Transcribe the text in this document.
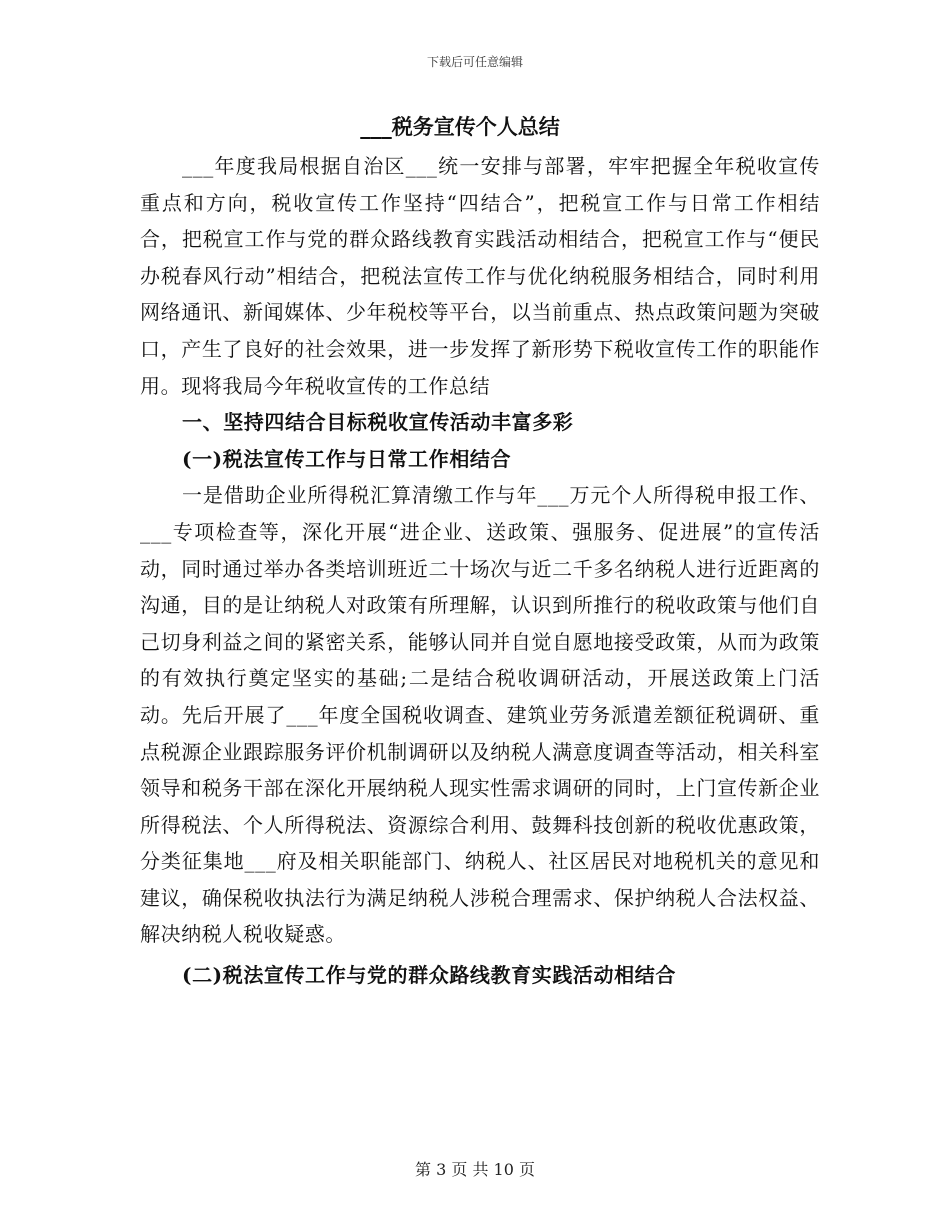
下载后可任意编辑
___税务宣传个人总结

___年度我局根据自治区___统一安排与部署，牢牢把握全年税收宣传重点和方向，税收宣传工作坚持“四结合”，把税宣工作与日常工作相结合，把税宣工作与党的群众路线教育实践活动相结合，把税宣工作与“便民办税春风行动”相结合，把税法宣传工作与优化纳税服务相结合，同时利用网络通讯、新闻媒体、少年税校等平台，以当前重点、热点政策问题为突破口，产生了良好的社会效果，进一步发挥了新形势下税收宣传工作的职能作用。现将我局今年税收宣传的工作总结

一、坚持四结合目标税收宣传活动丰富多彩

(一)税法宣传工作与日常工作相结合

一是借助企业所得税汇算清缴工作与年___万元个人所得税申报工作、___专项检查等，深化开展“进企业、送政策、强服务、促进展”的宣传活动，同时通过举办各类培训班近二十场次与近二千多名纳税人进行近距离的沟通，目的是让纳税人对政策有所理解，认识到所推行的税收政策与他们自己切身利益之间的紧密关系，能够认同并自觉自愿地接受政策，从而为政策的有效执行奠定坚实的基础;二是结合税收调研活动，开展送政策上门活动。先后开展了___年度全国税收调查、建筑业劳务派遣差额征税调研、重点税源企业跟踪服务评价机制调研以及纳税人满意度调查等活动，相关科室领导和税务干部在深化开展纳税人现实性需求调研的同时，上门宣传新企业所得税法、个人所得税法、资源综合利用、鼓舞科技创新的税收优惠政策，分类征集地___府及相关职能部门、纳税人、社区居民对地税机关的意见和建议，确保税收执法行为满足纳税人涉税合理需求、保护纳税人合法权益、解决纳税人税收疑惑。

(二)税法宣传工作与党的群众路线教育实践活动相结合

第 3 页 共 10 页
